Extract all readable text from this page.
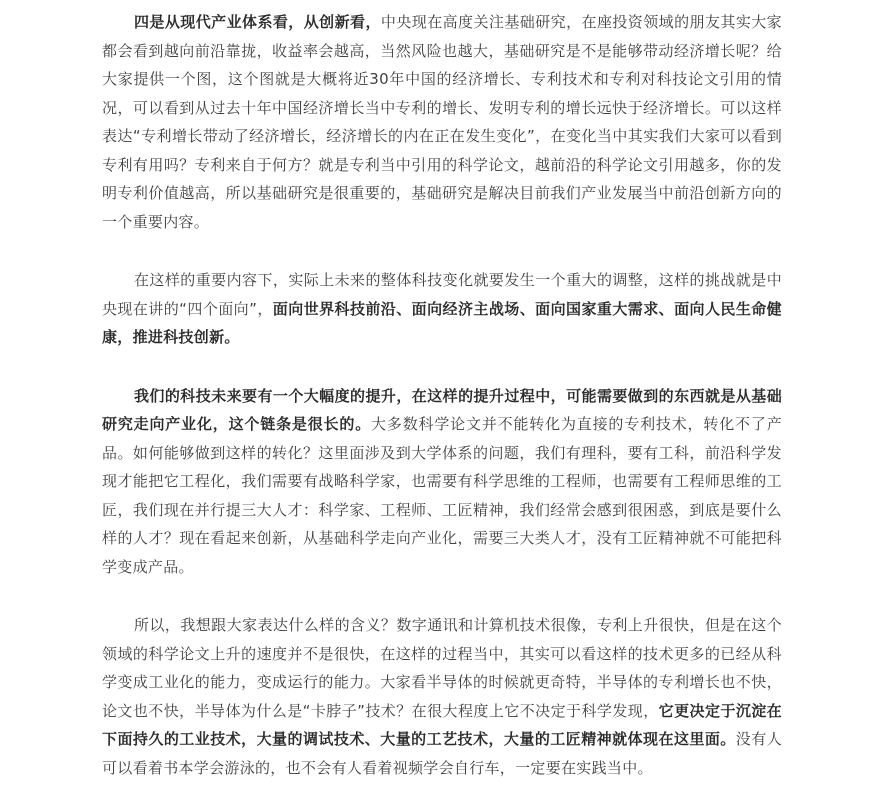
四是从现代产业体系看，从创新看，中央现在高度关注基础研究，在座投资领域的朋友其实大家都会看到越向前沿靠拢，收益率会越高，当然风险也越大，基础研究是不是能够带动经济增长呢？给大家提供一个图，这个图就是大概将近30年中国的经济增长、专利技术和专利对科技论文引用的情况，可以看到从过去十年中国经济增长当中专利的增长、发明专利的增长远快于经济增长。可以这样表达“专利增长带动了经济增长，经济增长的内在正在发生变化”，在变化当中其实我们大家可以看到专利有用吗？专利来自于何方？就是专利当中引用的科学论文，越前沿的科学论文引用越多，你的发明专利价值越高，所以基础研究是很重要的，基础研究是解决目前我们产业发展当中前沿创新方向的一个重要内容。

在这样的重要内容下，实际上未来的整体科技变化就要发生一个重大的调整，这样的挑战就是中央现在讲的“四个面向”，面向世界科技前沿、面向经济主战场、面向国家重大需求、面向人民生命健康，推进科技创新。

我们的科技未来要有一个大幅度的提升，在这样的提升过程中，可能需要做到的东西就是从基础研究走向产业化，这个链条是很长的。大多数科学论文并不能转化为直接的专利技术，转化不了产品。如何能够做到这样的转化？这里面涉及到大学体系的问题，我们有理科，要有工科，前沿科学发现才能把它工程化，我们需要有战略科学家，也需要有科学思维的工程师，也需要有工程师思维的工匠，我们现在并行提三大人才：科学家、工程师、工匠精神，我们经常会感到很困惑，到底是要什么样的人才？现在看起来创新，从基础科学走向产业化，需要三大类人才，没有工匠精神就不可能把科学变成产品。

所以，我想跟大家表达什么样的含义？数字通讯和计算机技术很像，专利上升很快，但是在这个领域的科学论文上升的速度并不是很快，在这样的过程当中，其实可以看这样的技术更多的已经从科学变成工业化的能力，变成运行的能力。大家看半导体的时候就更奇特，半导体的专利增长也不快，论文也不快，半导体为什么是“卡脖子”技术？在很大程度上它不决定于科学发现，它更决定于沉淀在下面持久的工业技术，大量的调试技术、大量的工艺技术，大量的工匠精神就体现在这里面。没有人可以看着书本学会游泳的，也不会有人看着视频学会自行车，一定要在实践当中。
